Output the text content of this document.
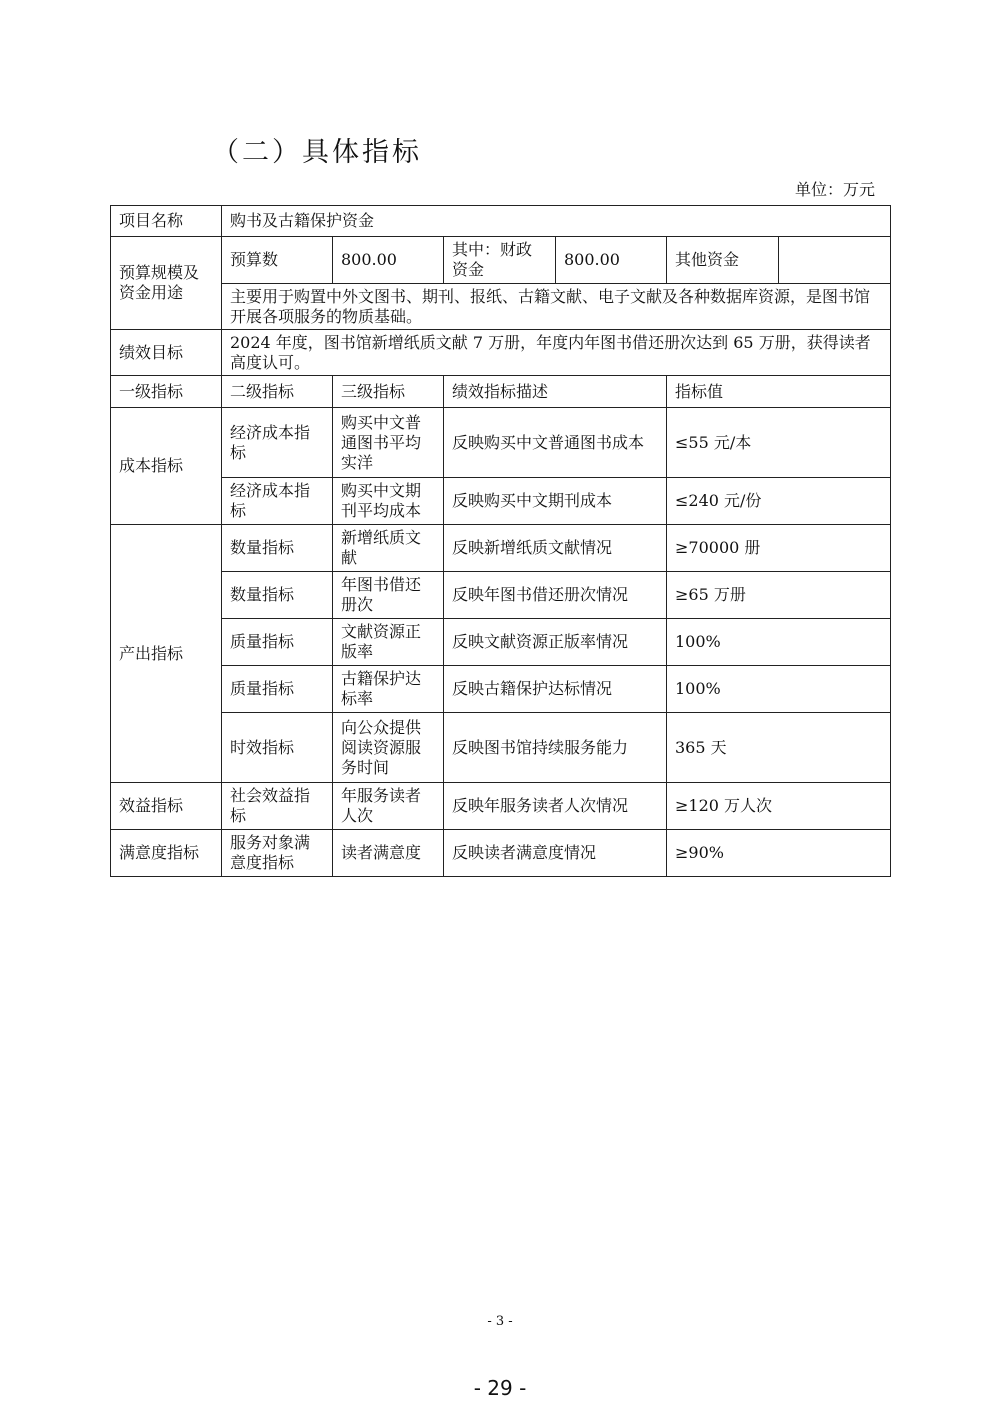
（二）具体指标
单位：万元
项目名称	购书及古籍保护资金					
预算规模及资金用途	预算数	800.00	其中：财政资金	800.00	其他资金	
	主要用于购置中外文图书、期刊、报纸、古籍文献、电子文献及各种数据库资源，是图书馆开展各项服务的物质基础。					
绩效目标	2024 年度，图书馆新增纸质文献 7 万册，年度内年图书借还册次达到 65 万册，获得读者高度认可。					
一级指标	二级指标	三级指标	绩效指标描述		指标值	
成本指标	经济成本指标	购买中文普通图书平均实洋	反映购买中文普通图书成本		≤55 元/本	
	经济成本指标	购买中文期刊平均成本	反映购买中文期刊成本		≤240 元/份	
产出指标	数量指标	新增纸质文献	反映新增纸质文献情况		≥70000 册	
	数量指标	年图书借还册次	反映年图书借还册次情况		≥65 万册	
	质量指标	文献资源正版率	反映文献资源正版率情况		100%	
	质量指标	古籍保护达标率	反映古籍保护达标情况		100%	
	时效指标	向公众提供阅读资源服务时间	反映图书馆持续服务能力		365 天	
效益指标	社会效益指标	年服务读者人次	反映年服务读者人次情况		≥120 万人次	
满意度指标	服务对象满意度指标	读者满意度	反映读者满意度情况		≥90%	
- 3 -
- 29 -
